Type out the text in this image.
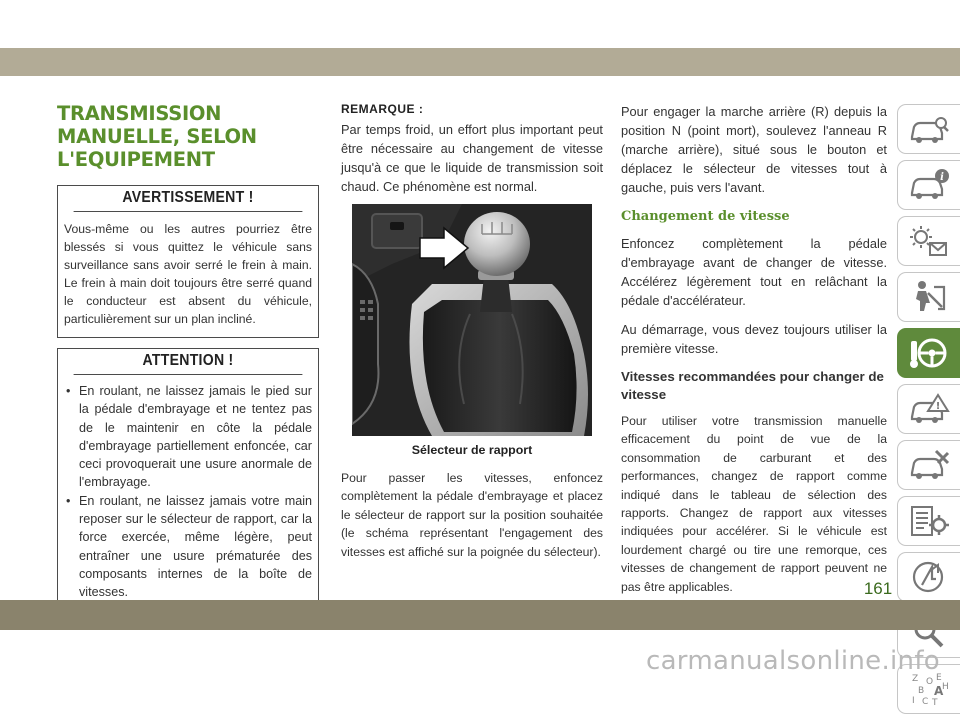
TRANSMISSION
MANUELLE, SELON
L'EQUIPEMENT
AVERTISSEMENT !
Vous-même ou les autres pourriez être blessés si vous quittez le véhicule sans surveillance sans avoir serré le frein à main. Le frein à main doit toujours être serré quand le conducteur est absent du véhicule, particulièrement sur un plan incliné.
ATTENTION !
• En roulant, ne laissez jamais le pied sur la pédale d'embrayage et ne tentez pas de le maintenir en côte la pédale d'embrayage partiellement enfoncée, car ceci provoquerait une usure anormale de l'embrayage.
• En roulant, ne laissez jamais votre main reposer sur le sélecteur de rapport, car la force exercée, même légère, peut entraîner une usure prématurée des composants internes de la boîte de vitesses.
REMARQUE :

Par temps froid, un effort plus important peut être nécessaire au changement de vitesse jusqu'à ce que le liquide de transmission soit chaud. Ce phénomène est normal.

Sélecteur de rapport

Pour passer les vitesses, enfoncez complètement la pédale d'embrayage et placez le sélecteur de rapport sur la position souhaitée (le schéma représentant l'engagement des vitesses est affiché sur la poignée du sélecteur).

Pour engager la marche arrière (R) depuis la position N (point mort), soulevez l'anneau R (marche arrière), situé sous le bouton et déplacez le sélecteur de vitesses tout à gauche, puis vers l'avant.

Changement de vitesse

Enfoncez complètement la pédale d'embrayage avant de changer de vitesse. Accélérez légèrement tout en relâchant la pédale d'accélérateur.

Au démarrage, vous devez toujours utiliser la première vitesse.

Vitesses recommandées pour changer de vitesse

Pour utiliser votre transmission manuelle efficacement du point de vue de la consommation de carburant et des performances, changez de rapport comme indiqué dans le tableau de sélection des rapports. Changez de rapport aux vitesses indiquées pour accélérer. Si le véhicule est lourdement chargé ou tire une remorque, ces vitesses de changement de rapport peuvent ne pas être applicables.

i
!
Z E
B A
I C T
H
O
161
carmanualsonline.info
